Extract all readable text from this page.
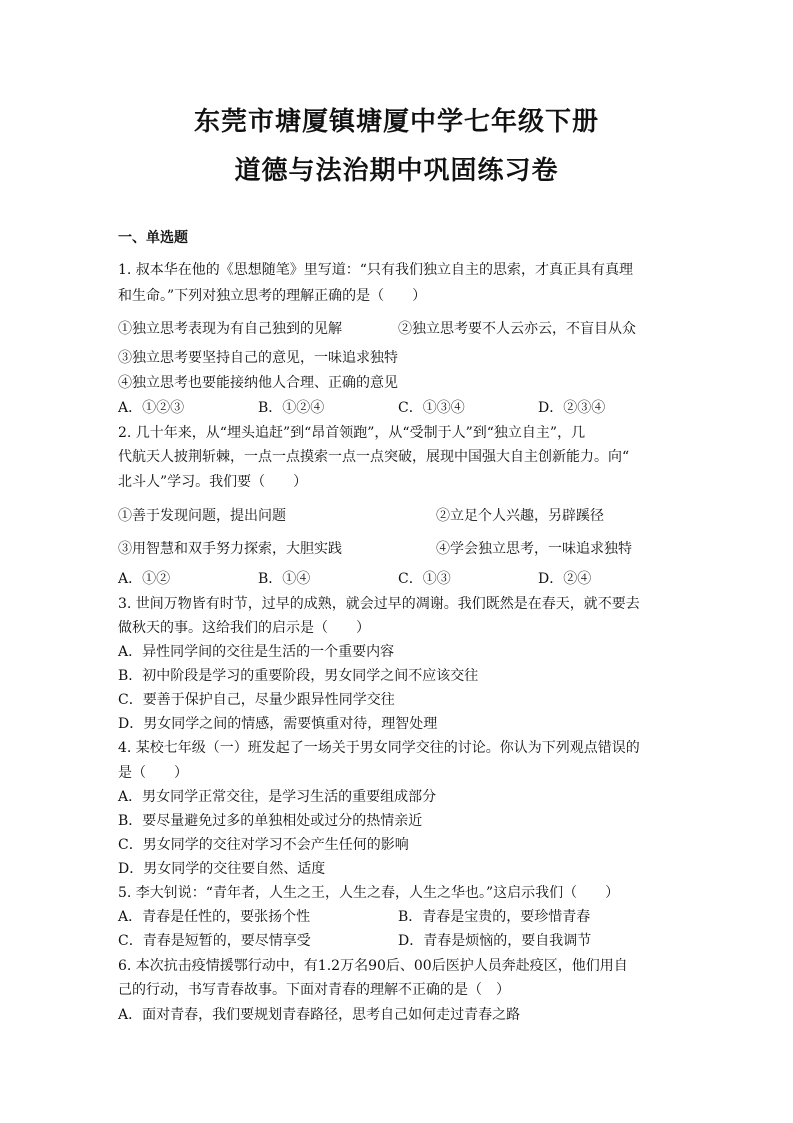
东莞市塘厦镇塘厦中学七年级下册
道德与法治期中巩固练习卷
一、单选题
1. 叔本华在他的《思想随笔》里写道：“只有我们独立自主的思索，才真正具有真理
和生命。”下列对独立思考的理解正确的是（　　）
①独立思考表现为有自己独到的见解	②独立思考要不人云亦云，不盲目从众
③独立思考要坚持自己的意见，一味追求独特
④独立思考也要能接纳他人合理、正确的意见
A．①②③	B．①②④	C．①③④	D．②③④
2. 几十年来，从“埋头追赶”到“昂首领跑”，从“受制于人”到“独立自主”，几
代航天人披荆斩棘，一点一点摸索一点一点突破，展现中国强大自主创新能力。向“
北斗人”学习。我们要（　　）
①善于发现问题，提出问题	②立足个人兴趣，另辟蹊径
③用智慧和双手努力探索，大胆实践	④学会独立思考，一味追求独特
A．①②	B．①④	C．①③	D．②④
3. 世间万物皆有时节，过早的成熟，就会过早的凋谢。我们既然是在春天，就不要去
做秋天的事。这给我们的启示是（　　）
A．异性同学间的交往是生活的一个重要内容
B．初中阶段是学习的重要阶段，男女同学之间不应该交往
C．要善于保护自己，尽量少跟异性同学交往
D．男女同学之间的情感，需要慎重对待，理智处理
4. 某校七年级（一）班发起了一场关于男女同学交往的讨论。你认为下列观点错误的
是（　　）
A．男女同学正常交往，是学习生活的重要组成部分
B．要尽量避免过多的单独相处或过分的热情亲近
C．男女同学的交往对学习不会产生任何的影响
D．男女同学的交往要自然、适度
5. 李大钊说：“青年者，人生之王，人生之春，人生之华也。”这启示我们（　　）
A．青春是任性的，要张扬个性	B．青春是宝贵的，要珍惜青春
C．青春是短暂的，要尽情享受	D．青春是烦恼的，要自我调节
6. 本次抗击疫情援鄂行动中，有1.2万名90后、00后医护人员奔赴疫区，他们用自
己的行动，书写青春故事。下面对青春的理解不正确的是（　）
A．面对青春，我们要规划青春路径，思考自己如何走过青春之路
